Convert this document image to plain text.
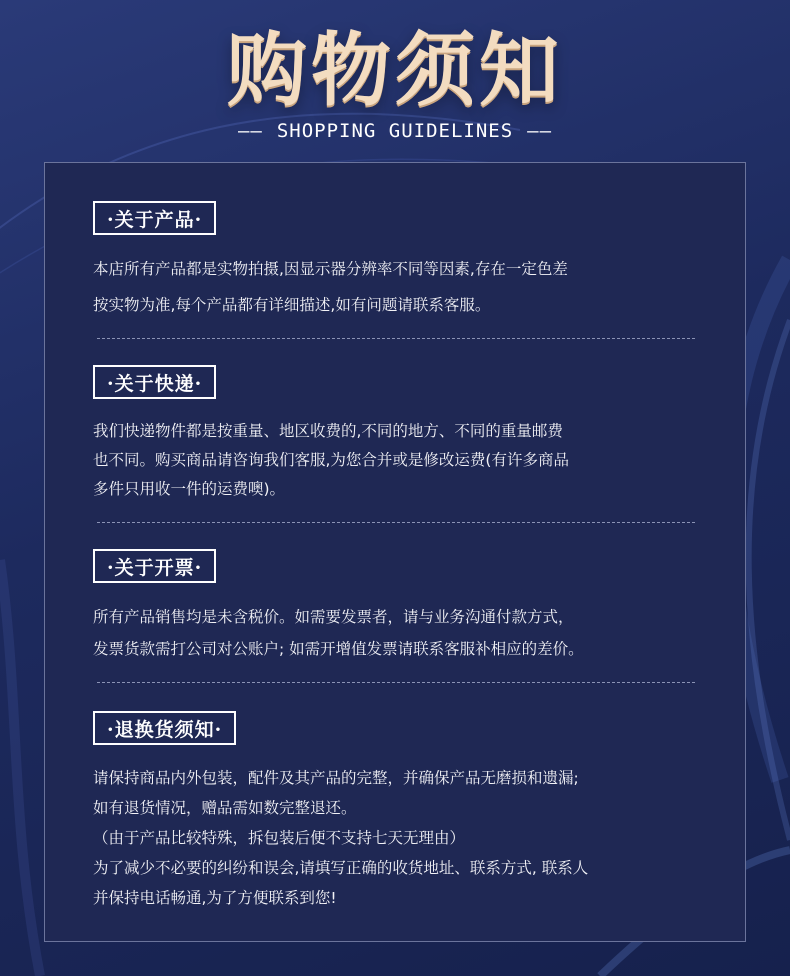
购物须知
—— SHOPPING GUIDELINES ——
·关于产品·

本店所有产品都是实物拍摄,因显示器分辨率不同等因素,存在一定色差

按实物为准,每个产品都有详细描述,如有问题请联系客服。

·关于快递·

我们快递物件都是按重量、地区收费的,不同的地方、不同的重量邮费

也不同。购买商品请咨询我们客服,为您合并或是修改运费(有许多商品

多件只用收一件的运费噢)。

·关于开票·

所有产品销售均是未含税价。如需要发票者，请与业务沟通付款方式，

发票货款需打公司对公账户; 如需开增值发票请联系客服补相应的差价。

·退换货须知·

请保持商品内外包装，配件及其产品的完整，并确保产品无磨损和遗漏;

如有退货情况，赠品需如数完整退还。

（由于产品比较特殊，拆包装后便不支持七天无理由）

为了减少不必要的纠纷和误会,请填写正确的收货地址、联系方式, 联系人

并保持电话畅通,为了方便联系到您!
